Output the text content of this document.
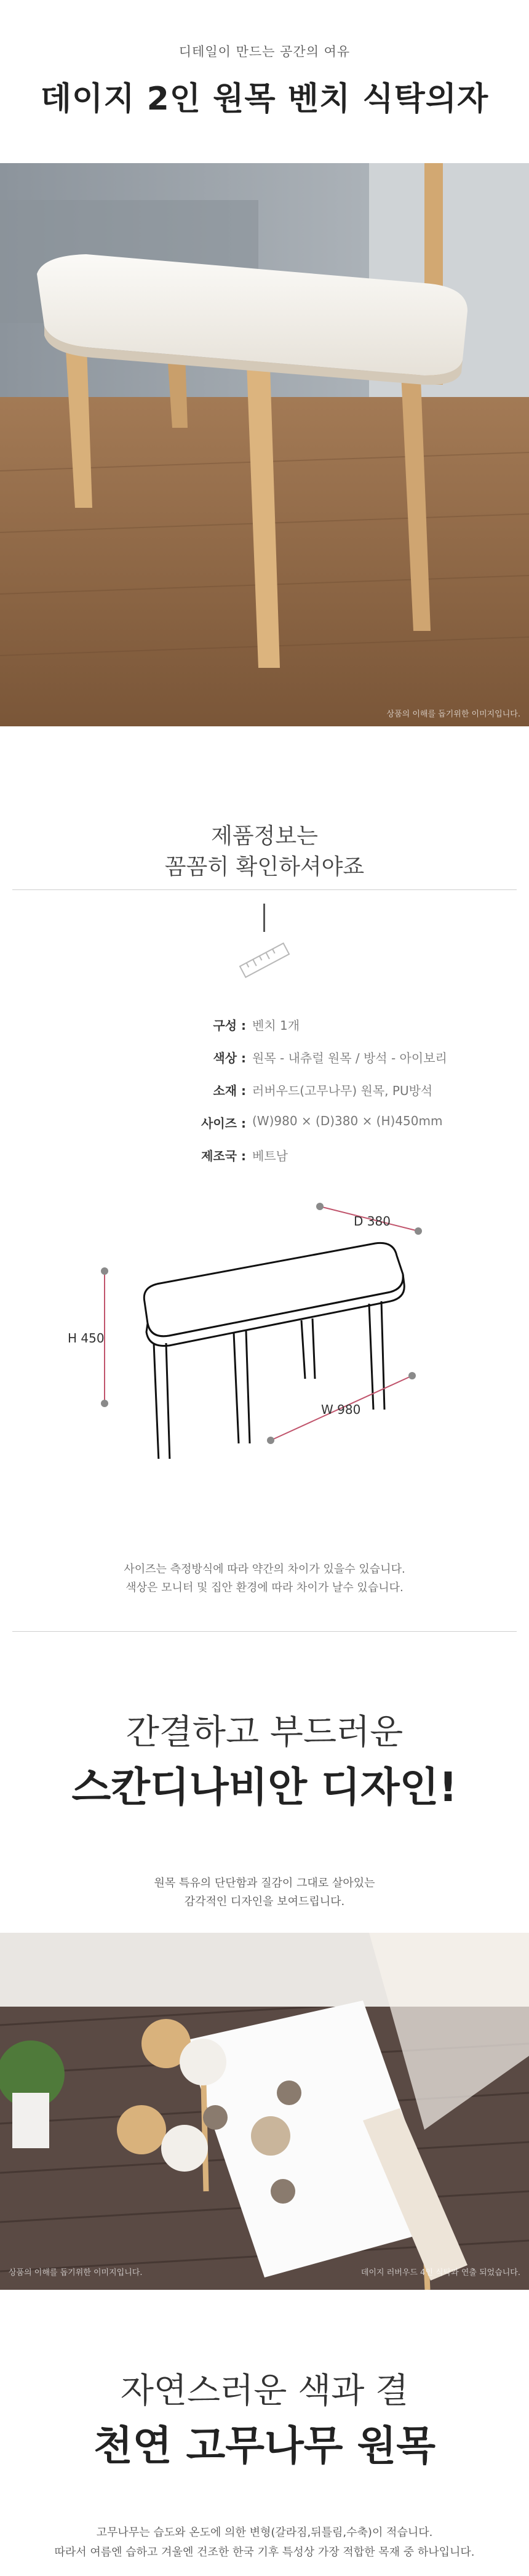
디테일이 만드는 공간의 여유
데이지 2인 원목 벤치 식탁의자
상품의 이해를 돕기위한 이미지입니다.
제품정보는
꼼꼼히 확인하셔야죠
구성 : 벤치 1개
색상 : 원목 - 내츄럴 원목 / 방석 - 아이보리
소재 : 러버우드(고무나무) 원목, PU방석
사이즈 : (W)980 × (D)380 × (H)450mm
제조국 : 베트남
D 380
H 450
W 980
사이즈는 측정방식에 따라 약간의 차이가 있을수 있습니다.
색상은 모니터 및 집안 환경에 따라 차이가 날수 있습니다.
간결하고 부드러운
스칸디나비안 디자인!
원목 특유의 단단함과 질감이 그대로 살아있는
감각적인 디자인을 보여드립니다.
상품의 이해를 돕기위한 이미지입니다.	데이지 러버우드 4인 식탁과 연출 되었습니다.
자연스러운 색과 결
천연 고무나무 원목
고무나무는 습도와 온도에 의한 변형(갈라짐,뒤틀림,수축)이 적습니다.
따라서 여름엔 습하고 겨울엔 건조한 한국 기후 특성상 가장 적합한 목재 중 하나입니다.
